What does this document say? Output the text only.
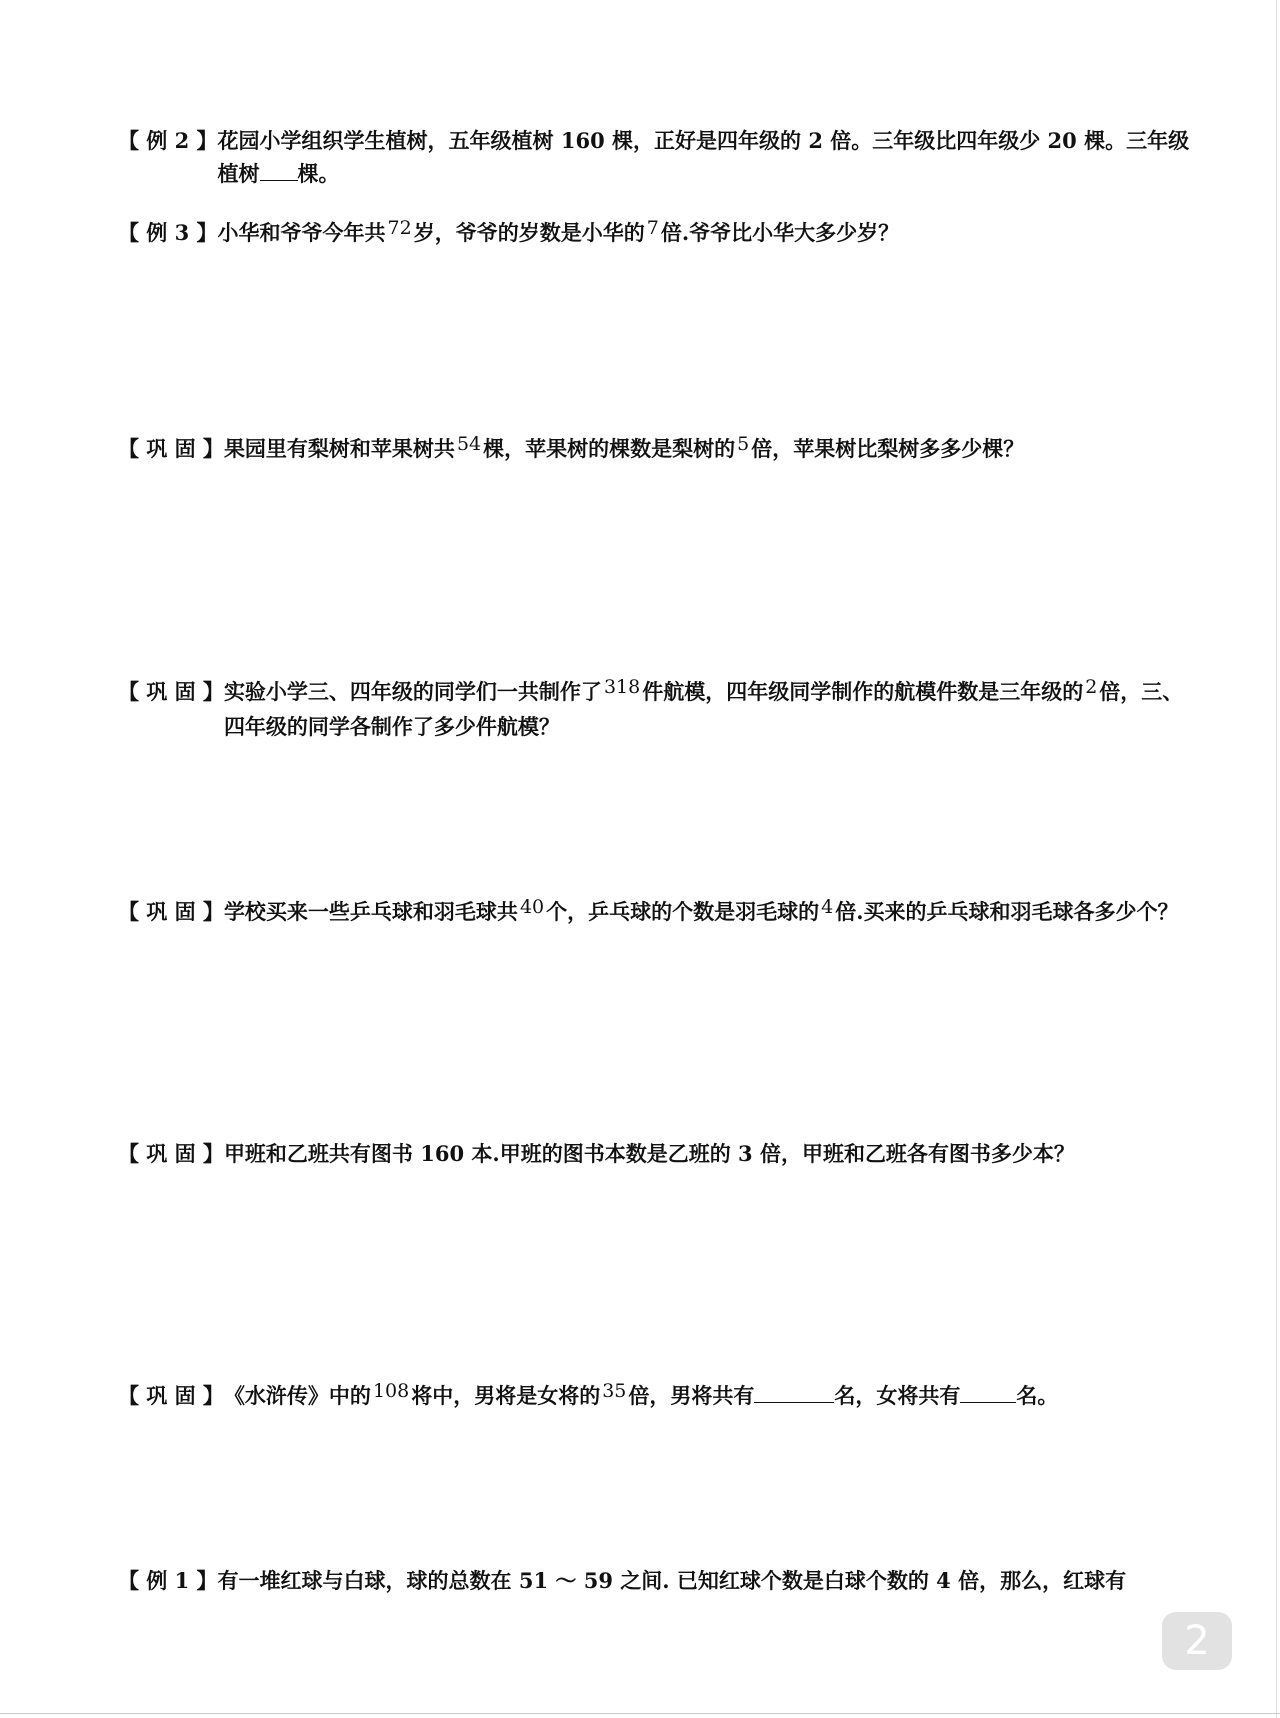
【 例 2 】 花园小学组织学生植树，五年级植树 160 棵，正好是四年级的 2 倍。三年级比四年级少 20 棵。三年级植树 棵。
【 例 3 】 小华和爷爷今年共 72岁，爷爷的岁数是小华的 7倍.爷爷比小华大多少岁？
【 巩 固 】 果园里有梨树和苹果树共 54棵，苹果树的棵数是梨树的 5倍，苹果树比梨树多多少棵？
【 巩 固 】 实验小学三、四年级的同学们一共制作了 318件航模，四年级同学制作的航模件数是三年级的 2倍，三、四年级的同学各制作了多少件航模？
【 巩 固 】 学校买来一些乒乓球和羽毛球共 40个，乒乓球的个数是羽毛球的 4倍.买来的乒乓球和羽毛球各多少个？
【 巩 固 】 甲班和乙班共有图书 160 本.甲班的图书本数是乙班的 3 倍，甲班和乙班各有图书多少本？
【 巩 固 】 《水浒传》中的 108将中，男将是女将的 35倍，男将共有	名，女将共有	名。
【 例 1 】 有一堆红球与白球，球的总数在 51 ～ 59 之间. 已知红球个数是白球个数的 4 倍，那么，红球有
2
